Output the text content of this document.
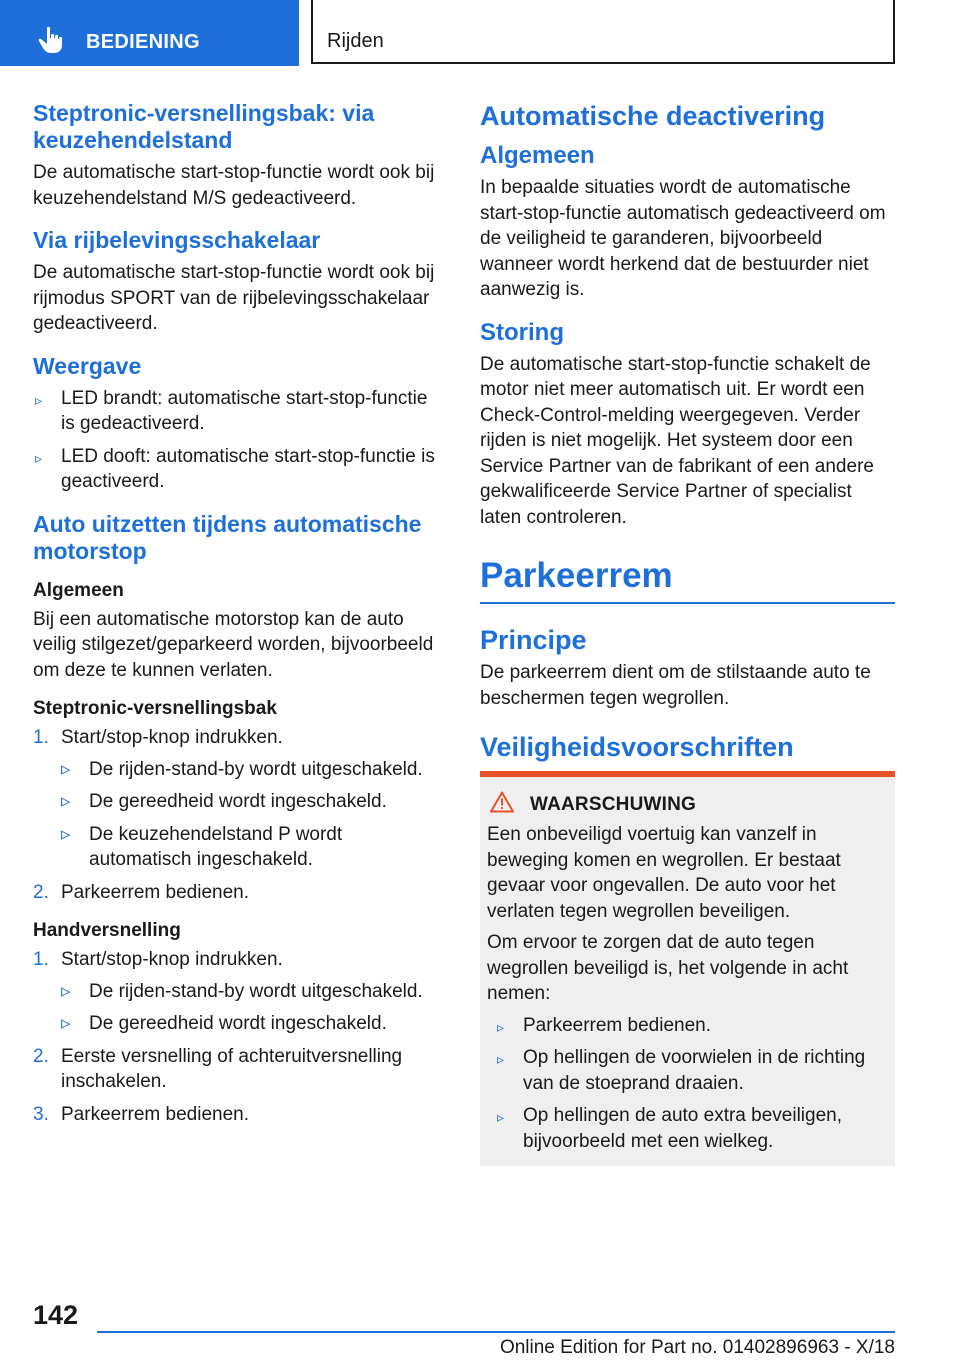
BEDIENING	Rijden
Steptronic-versnellingsbak: via keuzehendelstand

De automatische start-stop-functie wordt ook bij keuzehendelstand M/S gedeactiveerd.

Via rijbelevingsschakelaar

De automatische start-stop-functie wordt ook bij rijmodus SPORT van de rijbelevingsschakelaar gedeactiveerd.

Weergave
▹ LED brandt: automatische start-stop-functie is gedeactiveerd.
▹ LED dooft: automatische start-stop-functie is geactiveerd.
Auto uitzetten tijdens automatische motorstop
Algemeen

Bij een automatische motorstop kan de auto veilig stilgezet/geparkeerd worden, bijvoorbeeld om deze te kunnen verlaten.

Steptronic-versnellingsbak
1. Start/stop-knop indrukken.
▹ De rijden-stand-by wordt uitgeschakeld.
▹ De gereedheid wordt ingeschakeld.
▹ De keuzehendelstand P wordt automatisch ingeschakeld.
2. Parkeerrem bedienen.
Handversnelling
1. Start/stop-knop indrukken.
▹ De rijden-stand-by wordt uitgeschakeld.
▹ De gereedheid wordt ingeschakeld.
2. Eerste versnelling of achteruitversnelling inschakelen.
3. Parkeerrem bedienen.
Automatische deactivering
Algemeen

In bepaalde situaties wordt de automatische start-stop-functie automatisch gedeactiveerd om de veiligheid te garanderen, bijvoorbeeld wanneer wordt herkend dat de bestuurder niet aanwezig is.

Storing

De automatische start-stop-functie schakelt de motor niet meer automatisch uit. Er wordt een Check-Control-melding weergegeven. Verder rijden is niet mogelijk. Het systeem door een Service Partner van de fabrikant of een andere gekwalificeerde Service Partner of specialist laten controleren.

Parkeerrem
Principe

De parkeerrem dient om de stilstaande auto te beschermen tegen wegrollen.

Veiligheidsvoorschriften
WAARSCHUWING

Een onbeveiligd voertuig kan vanzelf in beweging komen en wegrollen. Er bestaat gevaar voor ongevallen. De auto voor het verlaten tegen wegrollen beveiligen.

Om ervoor te zorgen dat de auto tegen wegrollen beveiligd is, het volgende in acht nemen:

▹ Parkeerrem bedienen.
▹ Op hellingen de voorwielen in de richting van de stoeprand draaien.
▹ Op hellingen de auto extra beveiligen, bijvoorbeeld met een wielkeg.
142
Online Edition for Part no. 01402896963 - X/18
